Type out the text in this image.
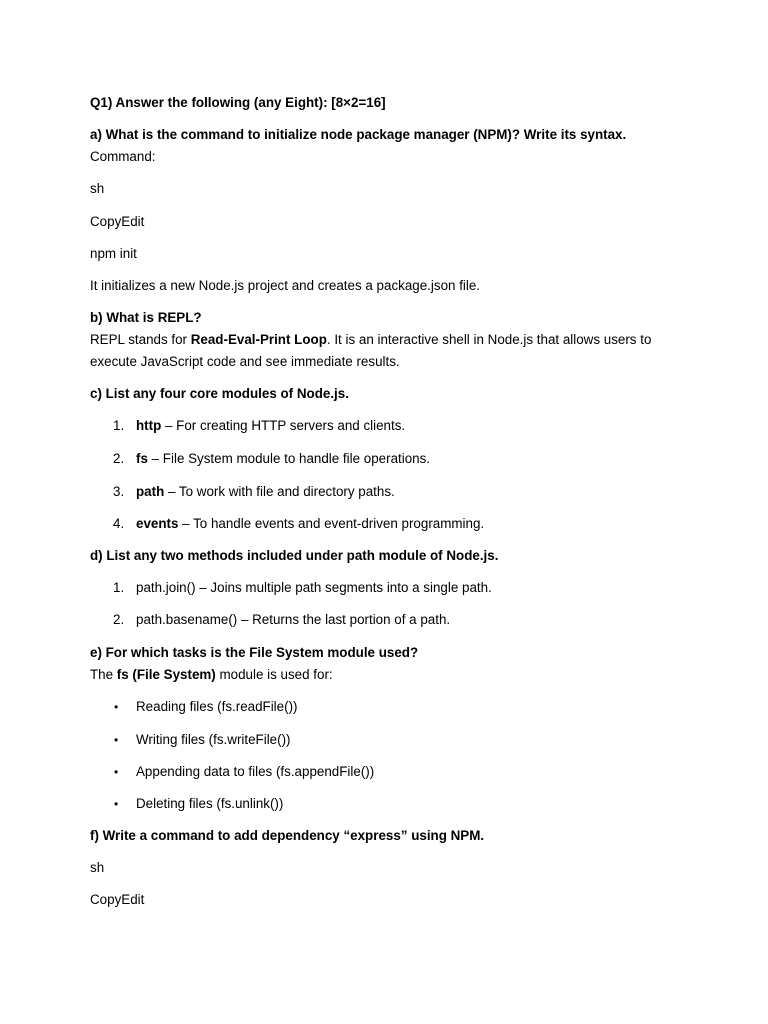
Q1) Answer the following (any Eight): [8×2=16]
a) What is the command to initialize node package manager (NPM)? Write its syntax.
Command:
sh
CopyEdit
npm init
It initializes a new Node.js project and creates a package.json file.
b) What is REPL?
REPL stands for Read-Eval-Print Loop. It is an interactive shell in Node.js that allows users to
execute JavaScript code and see immediate results.
c) List any four core modules of Node.js.
1. http – For creating HTTP servers and clients.
2. fs – File System module to handle file operations.
3. path – To work with file and directory paths.
4. events – To handle events and event-driven programming.
d) List any two methods included under path module of Node.js.
1. path.join() – Joins multiple path segments into a single path.
2. path.basename() – Returns the last portion of a path.
e) For which tasks is the File System module used?
The fs (File System) module is used for:
• Reading files (fs.readFile())
• Writing files (fs.writeFile())
• Appending data to files (fs.appendFile())
• Deleting files (fs.unlink())
f) Write a command to add dependency “express” using NPM.
sh
CopyEdit
